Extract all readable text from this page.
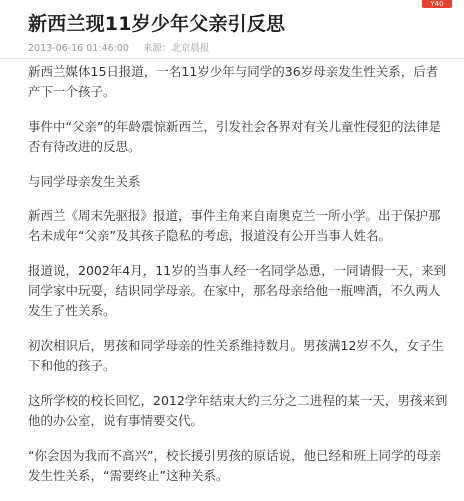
Y40
新西兰现11岁少年父亲引反思
2013-06-16 01:46:00 来源：北京晨报

新西兰媒体15日报道，一名11岁少年与同学的36岁母亲发生性关系，后者产下一个孩子。

事件中“父亲”的年龄震惊新西兰，引发社会各界对有关儿童性侵犯的法律是否有待改进的反思。

与同学母亲发生关系

新西兰《周末先驱报》报道，事件主角来自南奥克兰一所小学。出于保护那名未成年“父亲”及其孩子隐私的考虑，报道没有公开当事人姓名。

报道说，2002年4月，11岁的当事人经一名同学怂恿，一同请假一天，来到同学家中玩耍，结识同学母亲。在家中，那名母亲给他一瓶啤酒，不久两人发生了性关系。

初次相识后，男孩和同学母亲的性关系维持数月。男孩满12岁不久，女子生下和他的孩子。

这所学校的校长回忆，2012学年结束大约三分之二进程的某一天，男孩来到他的办公室，说有事情要交代。

“你会因为我而不高兴”，校长援引男孩的原话说，他已经和班上同学的母亲发生性关系，“需要终止”这种关系。
